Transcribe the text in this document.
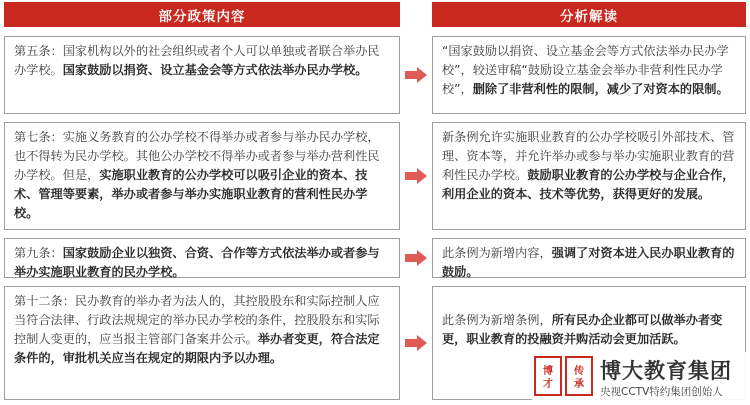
部分政策内容	分析解读
第五条：国家机构以外的社会组织或者个人可以单独或者联合举办民办学校。国家鼓励以捐资、设立基金会等方式依法举办民办学校。
“国家鼓励以捐资、设立基金会等方式依法举办民办学校”，较送审稿“鼓励设立基金会举办非营利性民办学校”，删除了非营利性的限制，减少了对资本的限制。
第七条：实施义务教育的公办学校不得举办或者参与举办民办学校，也不得转为民办学校。其他公办学校不得举办或者参与举办营利性民办学校。但是，实施职业教育的公办学校可以吸引企业的资本、技术、管理等要素，举办或者参与举办实施职业教育的营利性民办学校。
新条例允许实施职业教育的公办学校吸引外部技术、管理、资本等，并允许举办或参与举办实施职业教育的营利性民办学校。鼓励职业教育的公办学校与企业合作，利用企业的资本、技术等优势，获得更好的发展。
第九条：国家鼓励企业以独资、合资、合作等方式依法举办或者参与举办实施职业教育的民办学校。
此条例为新增内容，强调了对资本进入民办职业教育的鼓励。
第十二条：民办教育的举办者为法人的，其控股股东和实际控制人应当符合法律、行政法规规定的举办民办学校的条件，控股股东和实际控制人变更的，应当报主管部门备案并公示。举办者变更，符合法定条件的，审批机关应当在规定的期限内予以办理。
此条例为新增条例，所有民办企业都可以做举办者变更，职业教育的投融资并购活动会更加活跃。
博
才
传
承
博大教育集团
央视CCTV特约集团创始人
